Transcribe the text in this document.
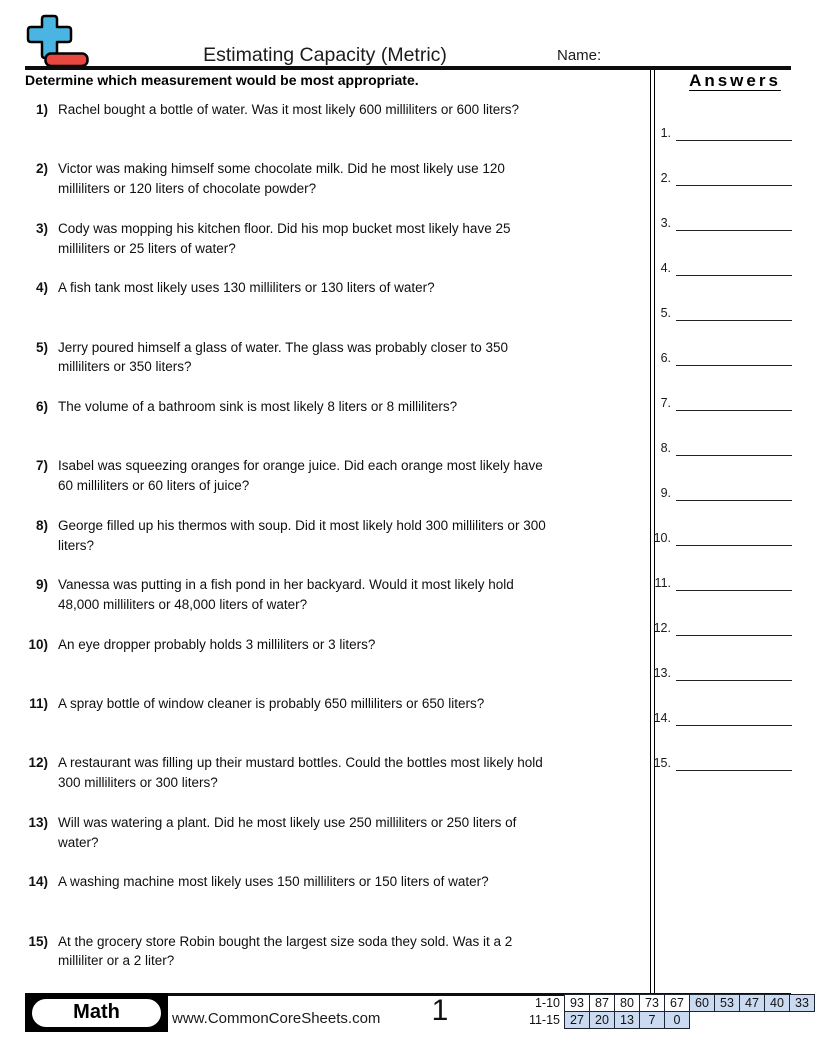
Estimating Capacity (Metric)	Name:
Determine which measurement would be most appropriate.
1) Rachel bought a bottle of water. Was it most likely 600 milliliters or 600 liters?
2) Victor was making himself some chocolate milk. Did he most likely use 120
milliliters or 120 liters of chocolate powder?
3) Cody was mopping his kitchen floor. Did his mop bucket most likely have 25
milliliters or 25 liters of water?
4) A fish tank most likely uses 130 milliliters or 130 liters of water?
5) Jerry poured himself a glass of water. The glass was probably closer to 350
milliliters or 350 liters?
6) The volume of a bathroom sink is most likely 8 liters or 8 milliliters?
7) Isabel was squeezing oranges for orange juice. Did each orange most likely have
60 milliliters or 60 liters of juice?
8) George filled up his thermos with soup. Did it most likely hold 300 milliliters or 300
liters?
9) Vanessa was putting in a fish pond in her backyard. Would it most likely hold
48,000 milliliters or 48,000 liters of water?
10) An eye dropper probably holds 3 milliliters or 3 liters?
11) A spray bottle of window cleaner is probably 650 milliliters or 650 liters?
12) A restaurant was filling up their mustard bottles. Could the bottles most likely hold
300 milliliters or 300 liters?
13) Will was watering a plant. Did he most likely use 250 milliliters or 250 liters of
water?
14) A washing machine most likely uses 150 milliliters or 150 liters of water?
15) At the grocery store Robin bought the largest size soda they sold. Was it a 2
milliliter or a 2 liter?
Answers
1.
2.
3.
4.
5.
6.
7.
8.
9.
10.
11.
12.
13.
14.
15.
Math	www.CommonCoreSheets.com	1	1-10 93 87 80 73 67 60 53 47 40 33
11-15 27 20 13	7	0
